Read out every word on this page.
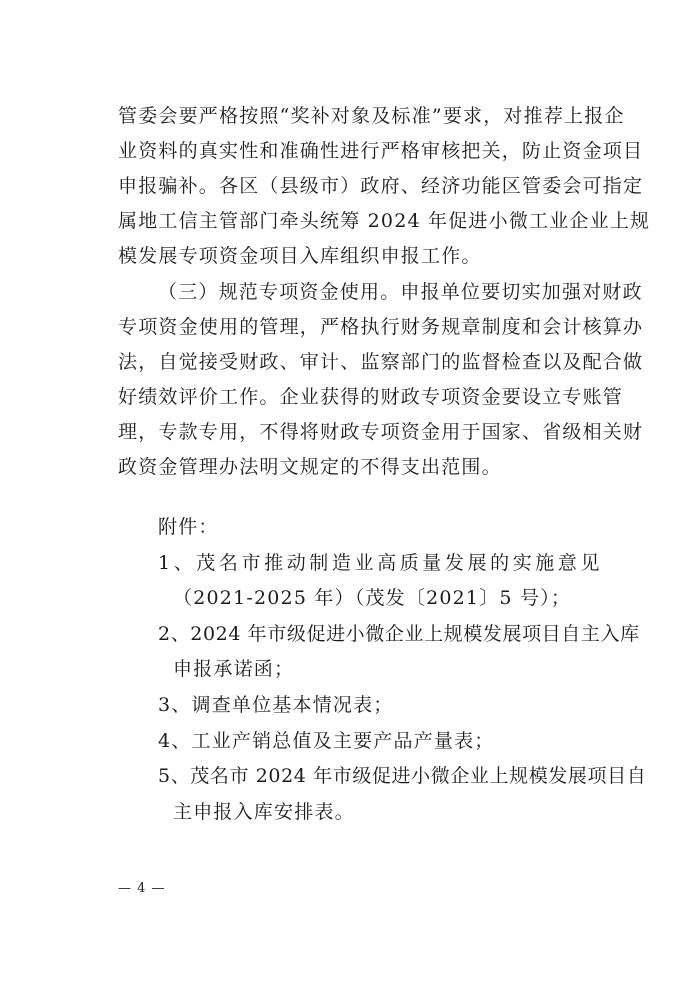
管委会要严格按照“奖补对象及标准”要求，对推荐上报企
业资料的真实性和准确性进行严格审核把关，防止资金项目
申报骗补。各区（县级市）政府、经济功能区管委会可指定
属地工信主管部门牵头统筹 2024 年促进小微工业企业上规
模发展专项资金项目入库组织申报工作。
（三）规范专项资金使用。申报单位要切实加强对财政
专项资金使用的管理，严格执行财务规章制度和会计核算办
法，自觉接受财政、审计、监察部门的监督检查以及配合做
好绩效评价工作。企业获得的财政专项资金要设立专账管
理，专款专用，不得将财政专项资金用于国家、省级相关财
政资金管理办法明文规定的不得支出范围。
附件：
1、茂名市推动制造业高质量发展的实施意见
（2021-2025 年）（茂发〔2021〕5 号）；
2、2024 年市级促进小微企业上规模发展项目自主入库
申报承诺函；
3、调查单位基本情况表；
4、工业产销总值及主要产品产量表；
5、茂名市 2024 年市级促进小微企业上规模发展项目自
主申报入库安排表。
— 4 —
